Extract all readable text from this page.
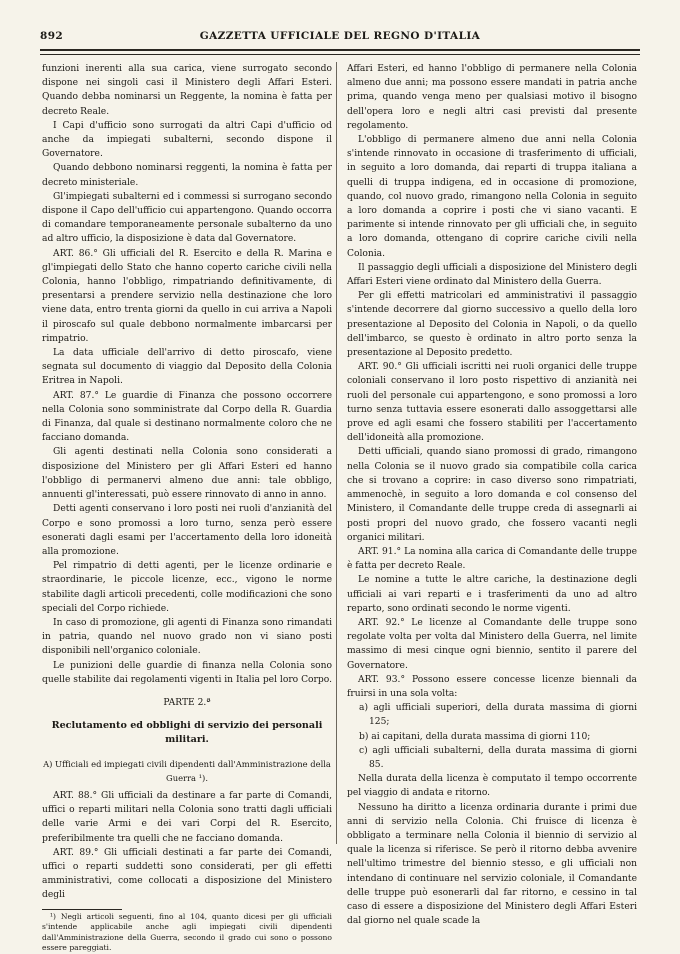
892	GAZZETTA UFFICIALE DEL REGNO D'ITALIA

funzioni inerenti alla sua carica, viene surrogato secondo dispone nei singoli casi il Ministero degli Affari Esteri. Quando debba nominarsi un Reggente, la nomina è fatta per decreto Reale.

I Capi d'ufficio sono surrogati da altri Capi d'ufficio od anche da impiegati subalterni, secondo dispone il Governatore.

Quando debbono nominarsi reggenti, la nomina è fatta per decreto ministeriale.

Gl'impiegati subalterni ed i commessi si surrogano secondo dispone il Capo dell'ufficio cui appartengono. Quando occorra di comandare temporaneamente personale subalterno da uno ad altro ufficio, la disposizione è data dal Governatore.

ART. 86.° Gli ufficiali del R. Esercito e della R. Marina e gl'impiegati dello Stato che hanno coperto cariche civili nella Colonia, hanno l'obbligo, rimpatriando definitivamente, di presentarsi a prendere servizio nella destinazione che loro viene data, entro trenta giorni da quello in cui arriva a Napoli il piroscafo sul quale debbono normalmente imbarcarsi per rimpatrio.

La data ufficiale dell'arrivo di detto piroscafo, viene segnata sul documento di viaggio dal Deposito della Colonia Eritrea in Napoli.

ART. 87.° Le guardie di Finanza che possono occorrere nella Colonia sono somministrate dal Corpo della R. Guardia di Finanza, dal quale si destinano normalmente coloro che ne facciano domanda.

Gli agenti destinati nella Colonia sono considerati a disposizione del Ministero per gli Affari Esteri ed hanno l'obbligo di permanervi almeno due anni: tale obbligo, annuenti gl'interessati, può essere rinnovato di anno in anno.

Detti agenti conservano i loro posti nei ruoli d'anzianità del Corpo e sono promossi a loro turno, senza però essere esonerati dagli esami per l'accertamento della loro idoneità alla promozione.

Pel rimpatrio di detti agenti, per le licenze ordinarie e straordinarie, le piccole licenze, ecc., vigono le norme stabilite dagli articoli precedenti, colle modificazioni che sono speciali del Corpo richiede.

In caso di promozione, gli agenti di Finanza sono rimandati in patria, quando nel nuovo grado non vi siano posti disponibili nell'organico coloniale.

Le punizioni delle guardie di finanza nella Colonia sono quelle stabilite dai regolamenti vigenti in Italia pel loro Corpo.

PARTE 2.ª

Reclutamento ed obblighi di servizio dei personali militari.

A) Ufficiali ed impiegati civili dipendenti dall'Amministrazione della Guerra ¹).

ART. 88.° Gli ufficiali da destinare a far parte di Comandi, uffici o reparti militari nella Colonia sono tratti dagli ufficiali delle varie Armi e dei vari Corpi del R. Esercito, preferibilmente tra quelli che ne facciano domanda.

ART. 89.° Gli ufficiali destinati a far parte dei Comandi, uffici o reparti suddetti sono considerati, per gli effetti amministrativi, come collocati a disposizione del Ministero degli

¹) Negli articoli seguenti, fino al 104, quanto dicesi per gli ufficiali s'intende applicabile anche agli impiegati civili dipendenti dall'Amministrazione della Guerra, secondo il grado cui sono o possono essere pareggiati.

Affari Esteri, ed hanno l'obbligo di permanere nella Colonia almeno due anni; ma possono essere mandati in patria anche prima, quando venga meno per qualsiasi motivo il bisogno dell'opera loro e negli altri casi previsti dal presente regolamento.

L'obbligo di permanere almeno due anni nella Colonia s'intende rinnovato in occasione di trasferimento di ufficiali, in seguito a loro domanda, dai reparti di truppa italiana a quelli di truppa indigena, ed in occasione di promozione, quando, col nuovo grado, rimangono nella Colonia in seguito a loro domanda a coprire i posti che vi siano vacanti. E parimente si intende rinnovato per gli ufficiali che, in seguito a loro domanda, ottengano di coprire cariche civili nella Colonia.

Il passaggio degli ufficiali a disposizione del Ministero degli Affari Esteri viene ordinato dal Ministero della Guerra.

Per gli effetti matricolari ed amministrativi il passaggio s'intende decorrere dal giorno successivo a quello della loro presentazione al Deposito del Colonia in Napoli, o da quello dell'imbarco, se questo è ordinato in altro porto senza la presentazione al Deposito predetto.

ART. 90.° Gli ufficiali iscritti nei ruoli organici delle truppe coloniali conservano il loro posto rispettivo di anzianità nei ruoli del personale cui appartengono, e sono promossi a loro turno senza tuttavia essere esonerati dallo assoggettarsi alle prove ed agli esami che fossero stabiliti per l'accertamento dell'idoneità alla promozione.

Detti ufficiali, quando siano promossi di grado, rimangono nella Colonia se il nuovo grado sia compatibile colla carica che si trovano a coprire: in caso diverso sono rimpatriati, ammenochè, in seguito a loro domanda e col consenso del Ministero, il Comandante delle truppe creda di assegnarli ai posti propri del nuovo grado, che fossero vacanti negli organici militari.

ART. 91.° La nomina alla carica di Comandante delle truppe è fatta per decreto Reale.

Le nomine a tutte le altre cariche, la destinazione degli ufficiali ai vari reparti e i trasferimenti da uno ad altro reparto, sono ordinati secondo le norme vigenti.

ART. 92.° Le licenze al Comandante delle truppe sono regolate volta per volta dal Ministero della Guerra, nel limite massimo di mesi cinque ogni biennio, sentito il parere del Governatore.

ART. 93.° Possono essere concesse licenze biennali da fruirsi in una sola volta:

a) agli ufficiali superiori, della durata massima di giorni 125;

b) ai capitani, della durata massima di giorni 110;

c) agli ufficiali subalterni, della durata massima di giorni 85.

Nella durata della licenza è computato il tempo occorrente pel viaggio di andata e ritorno.

Nessuno ha diritto a licenza ordinaria durante i primi due anni di servizio nella Colonia. Chi fruisce di licenza è obbligato a terminare nella Colonia il biennio di servizio al quale la licenza si riferisce. Se però il ritorno debba avvenire nell'ultimo trimestre del biennio stesso, e gli ufficiali non intendano di continuare nel servizio coloniale, il Comandante delle truppe può esonerarli dal far ritorno, e cessino in tal caso di essere a disposizione del Ministero degli Affari Esteri dal giorno nel quale scade la
